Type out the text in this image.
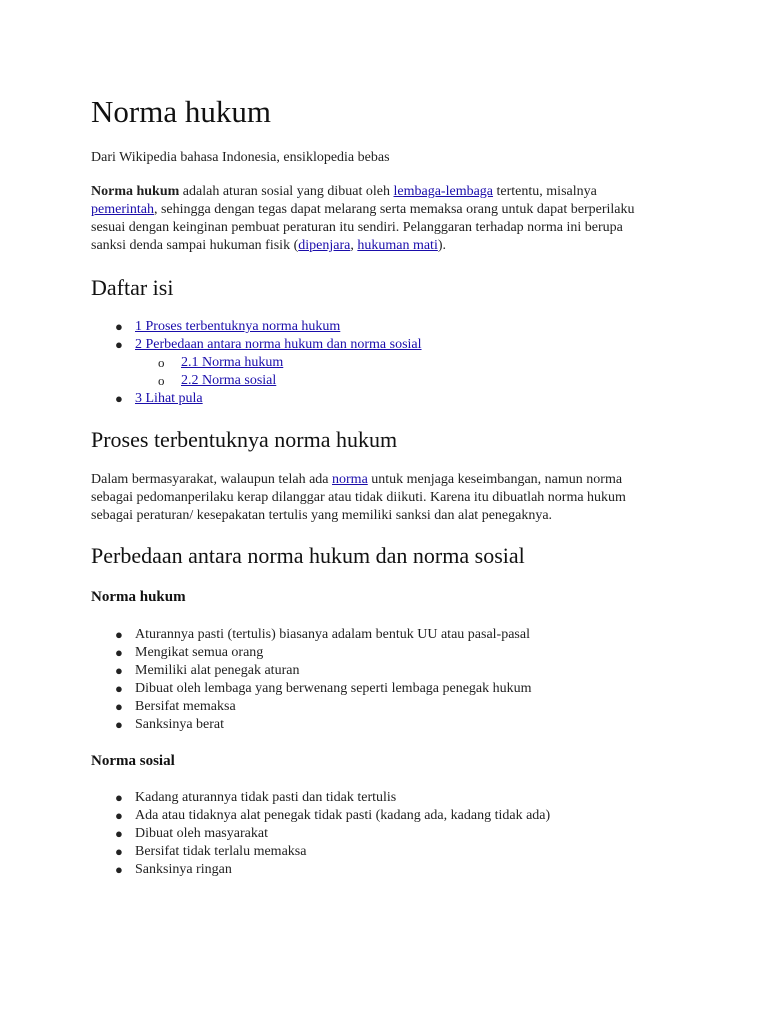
Norma hukum
Dari Wikipedia bahasa Indonesia, ensiklopedia bebas
Norma hukum adalah aturan sosial yang dibuat oleh lembaga-lembaga tertentu, misalnya
pemerintah, sehingga dengan tegas dapat melarang serta memaksa orang untuk dapat berperilaku
sesuai dengan keinginan pembuat peraturan itu sendiri. Pelanggaran terhadap norma ini berupa
sanksi denda sampai hukuman fisik (dipenjara, hukuman mati).
Daftar isi
● 1 Proses terbentuknya norma hukum
● 2 Perbedaan antara norma hukum dan norma sosial
o 2.1 Norma hukum
o 2.2 Norma sosial
● 3 Lihat pula
Proses terbentuknya norma hukum
Dalam bermasyarakat, walaupun telah ada norma untuk menjaga keseimbangan, namun norma
sebagai pedomanperilaku kerap dilanggar atau tidak diikuti. Karena itu dibuatlah norma hukum
sebagai peraturan/ kesepakatan tertulis yang memiliki sanksi dan alat penegaknya.
Perbedaan antara norma hukum dan norma sosial
Norma hukum
● Aturannya pasti (tertulis) biasanya adalam bentuk UU atau pasal-pasal
● Mengikat semua orang
● Memiliki alat penegak aturan
● Dibuat oleh lembaga yang berwenang seperti lembaga penegak hukum
● Bersifat memaksa
● Sanksinya berat
Norma sosial
● Kadang aturannya tidak pasti dan tidak tertulis
● Ada atau tidaknya alat penegak tidak pasti (kadang ada, kadang tidak ada)
● Dibuat oleh masyarakat
● Bersifat tidak terlalu memaksa
● Sanksinya ringan
